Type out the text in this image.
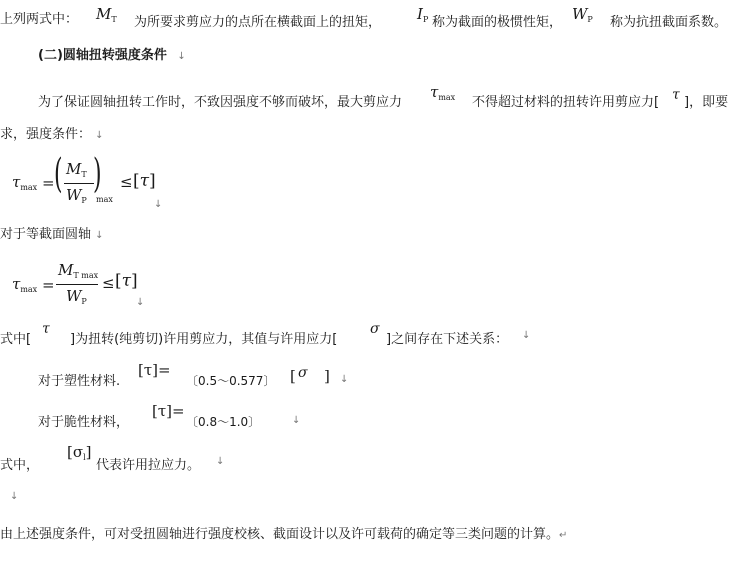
上列两式中： $M_T$ 为所要求剪应力的点所在横截面上的扭矩， $I_P$ 称为截面的极惯性矩， $W_P$ 称为抗扭截面系数。
(二)圆轴扭转强度条件 ↓
为了保证圆轴扭转工作时，不致因强度不够而破坏，最大剪应力
$\tau_{max}$ 不得超过材料的扭转许用剪应力[ τ ]，即要
求，强度条件： ↓
$\tau_{max}$ = ( $M_T$
$W_P$
)
max
≤ [τ]
↓
对于等截面圆轴 ↓
$\tau_{max}$ =
$M_{T max}$
$W_P$
≤ [τ]
↓
式中[
τ
]为扭转(纯剪切)许用剪应力，其值与许用应力[
σ
]之间存在下述关系： ↓
对于塑性材料.
[τ]=
〔0.5～0.577〕 [ σ ] ↓
对于脆性材料，
[τ]=
〔0.8～1.0〕	↓
式中，
$[\sigma_l]$
代表许用拉应力。 ↓
↓
由上述强度条件，可对受扭圆轴进行强度校核、截面设计以及许可载荷的确定等三类问题的计算。↵
